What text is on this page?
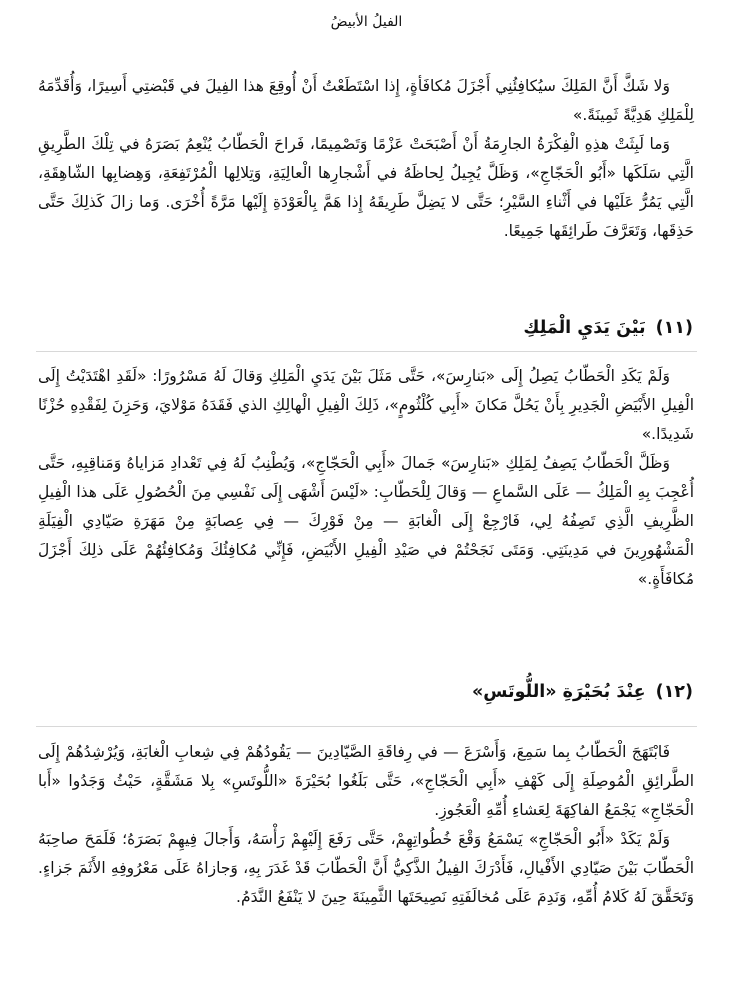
الفيلُ الأبيضُ

وَلا شَكَّ أَنَّ المَلِكَ سيُكافِئُنِي أَجْزَلَ مُكافَأةٍ، إِذا اسْتَطَعْتُ أَنْ أُوقِعَ هذا الفِيلَ في قَبْضتِي أَسِيرًا، وَأُقَدِّمَهُ لِلْمَلِكِ هَدِيَّةً ثَمِينَةً.»

وَما لَبِثَتْ هذِهِ الْفِكْرَةُ الجارِمَةُ أَنْ أَصْبَحَتْ عَزْمًا وَتَصْمِيمًا، فَراحَ الْحَطّابُ يُنْعِمُ بَصَرَهُ في تِلْكَ الطَّرِيقِ الَّتِي سَلَكَها «أَبُو الْحَجّاجِ»، وَظَلَّ يُجِيلُ لِحاظَهُ في أَشْجارِها الْعالِيَةِ، وَتِلالِها الْمُرْتَفِعَةِ، وَهِضابِها الشّاهِقَةِ، الَّتِي يَمُرُّ عَلَيْها في أَثْناءِ السَّيْرِ؛ حَتَّى لا يَضِلَّ طَرِيقَهُ إِذا هَمَّ بِالْعَوْدَةِ إِلَيْها مَرَّةً أُخْرَى. وَما زالَ كَذلِكَ حَتَّى حَذِقَها، وَتَعَرَّفَ طَرائِقَها جَمِيعًا.

(١١) بَيْنَ يَدَيِ الْمَلِكِ

وَلَمْ يَكَدِ الْحَطّابُ يَصِلُ إِلَى «بَنارِسَ»، حَتَّى مَثَلَ بَيْنَ يَدَيِ الْمَلِكِ وَقالَ لَهُ مَسْرُورًا: «لَقَدِ اهْتَدَيْتُ إِلَى الْفِيلِ الأَبْيَضِ الْجَدِيرِ بِأَنْ يَحُلَّ مَكانَ «أَبِي كُلْثُومٍ»، ذَلِكَ الْفِيلِ الْهالِكِ الذي فَقَدَهُ مَوْلايَ، وَحَزِنَ لِفَقْدِهِ حُزْنًا شَدِيدًا.»

وَظَلَّ الْحَطّابُ يَصِفُ لِمَلِكِ «بَنارِسَ» جَمالَ «أَبِي الْحَجّاجِ»، وَيُطْنِبُ لَهُ فِي تَعْدادِ مَزاياهُ وَمَناقِبِهِ، حَتَّى أُعْجِبَ بِهِ الْمَلِكُ — عَلَى السَّماعِ — وَقالَ لِلْحَطّابِ: «لَيْسَ أَشْهَى إِلَى نَفْسِي مِنَ الْحُصُولِ عَلَى هذا الْفِيلِ الظَّرِيفِ الَّذِي تَصِفُهُ لِي، فَارْجِعْ إِلَى الْغابَةِ — مِنْ فَوْرِكَ — فِي عِصابَةٍ مِنْ مَهَرَةِ صَيّادِي الْفِيَلَةِ الْمَشْهُورِينَ في مَدِينَتِي. وَمَتَى نَجَحْتُمْ في صَيْدِ الْفِيلِ الأَبْيَضِ، فَإِنِّي مُكافِئُكَ وَمُكافِئُهُمْ عَلَى ذلِكَ أَجْزَلَ مُكافَأَةٍ.»

(١٢) عِنْدَ بُحَيْرَةِ «اللُّوتَسِ»

فَابْتَهَجَ الْحَطّابُ بِما سَمِعَ، وَأَسْرَعَ — في رِفاقَةِ الصَّيّادِينَ — يَقُودُهُمْ فِي شِعابِ الْغابَةِ، وَيُرْشِدُهُمْ إِلَى الطَّرائِقِ الْمُوصِلَةِ إِلَى كَهْفِ «أَبِي الْحَجّاجِ»، حَتَّى بَلَغُوا بُحَيْرَةَ «اللُّوتَسِ» بِلا مَشَقَّةٍ، حَيْثُ وَجَدُوا «أَبا الْحَجّاجِ» يَجْمَعُ الفاكِهَةَ لِعَشاءِ أُمِّهِ الْعَجُوزِ.

وَلَمْ يَكَدْ «أَبُو الْحَجّاجِ» يَسْمَعُ وَقْعَ خُطُواتِهِمْ، حَتَّى رَفَعَ إِلَيْهِمْ رَأْسَهُ، وَأَجالَ فِيهِمْ بَصَرَهُ؛ فَلَمَحَ صاحِبَهُ الْحَطّابَ بَيْنَ صَيّادِي الأَفْيالِ، فَأَدْرَكَ الفِيلُ الذَّكِيُّ أَنَّ الْحَطّابَ قَدْ غَدَرَ بِهِ، وَجازاهُ عَلَى مَعْرُوفِهِ الأَثَمَ جَزاءٍ. وَتَحَقَّقَ لَهُ كَلامُ أُمِّهِ، وَنَدِمَ عَلَى مُخالَفَتِهِ نَصِيحَتَها الثَّمِينَةَ حِينَ لا يَنْفَعُ النَّدَمُ.
